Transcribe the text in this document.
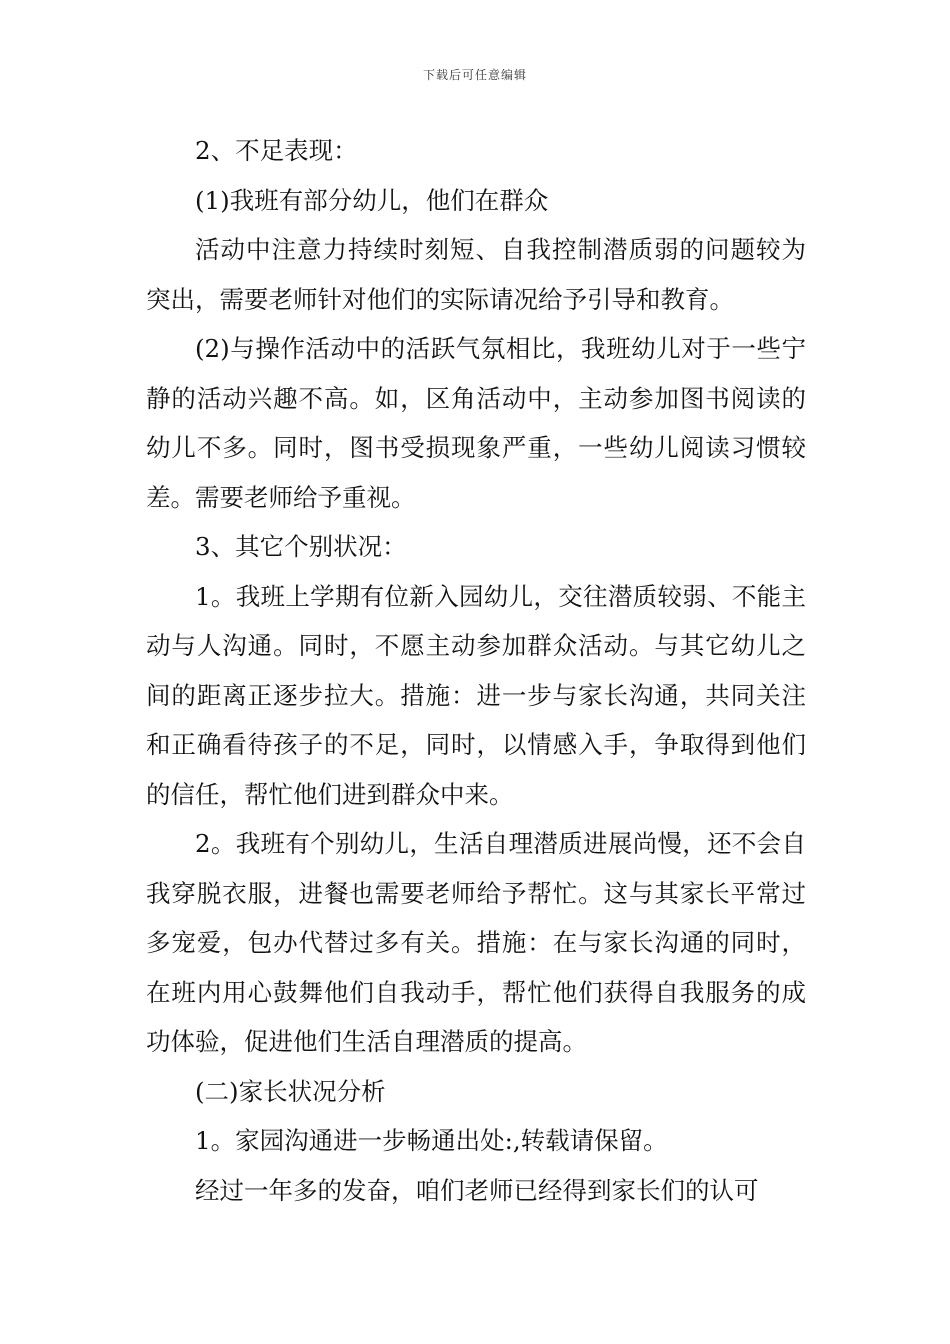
下载后可任意编辑

2、不足表现：

(1)我班有部分幼儿，他们在群众

活动中注意力持续时刻短、自我控制潜质弱的问题较为突出，需要老师针对他们的实际请况给予引导和教育。

(2)与操作活动中的活跃气氛相比，我班幼儿对于一些宁静的活动兴趣不高。如，区角活动中，主动参加图书阅读的幼儿不多。同时，图书受损现象严重，一些幼儿阅读习惯较差。需要老师给予重视。

3、其它个别状况：

1。我班上学期有位新入园幼儿，交往潜质较弱、不能主动与人沟通。同时，不愿主动参加群众活动。与其它幼儿之间的距离正逐步拉大。措施：进一步与家长沟通，共同关注和正确看待孩子的不足，同时，以情感入手，争取得到他们的信任，帮忙他们进到群众中来。

2。我班有个别幼儿，生活自理潜质进展尚慢，还不会自我穿脱衣服，进餐也需要老师给予帮忙。这与其家长平常过多宠爱，包办代替过多有关。措施：在与家长沟通的同时，在班内用心鼓舞他们自我动手，帮忙他们获得自我服务的成功体验，促进他们生活自理潜质的提高。

(二)家长状况分析

1。家园沟通进一步畅通出处:,转载请保留。

经过一年多的发奋，咱们老师已经得到家长们的认可
